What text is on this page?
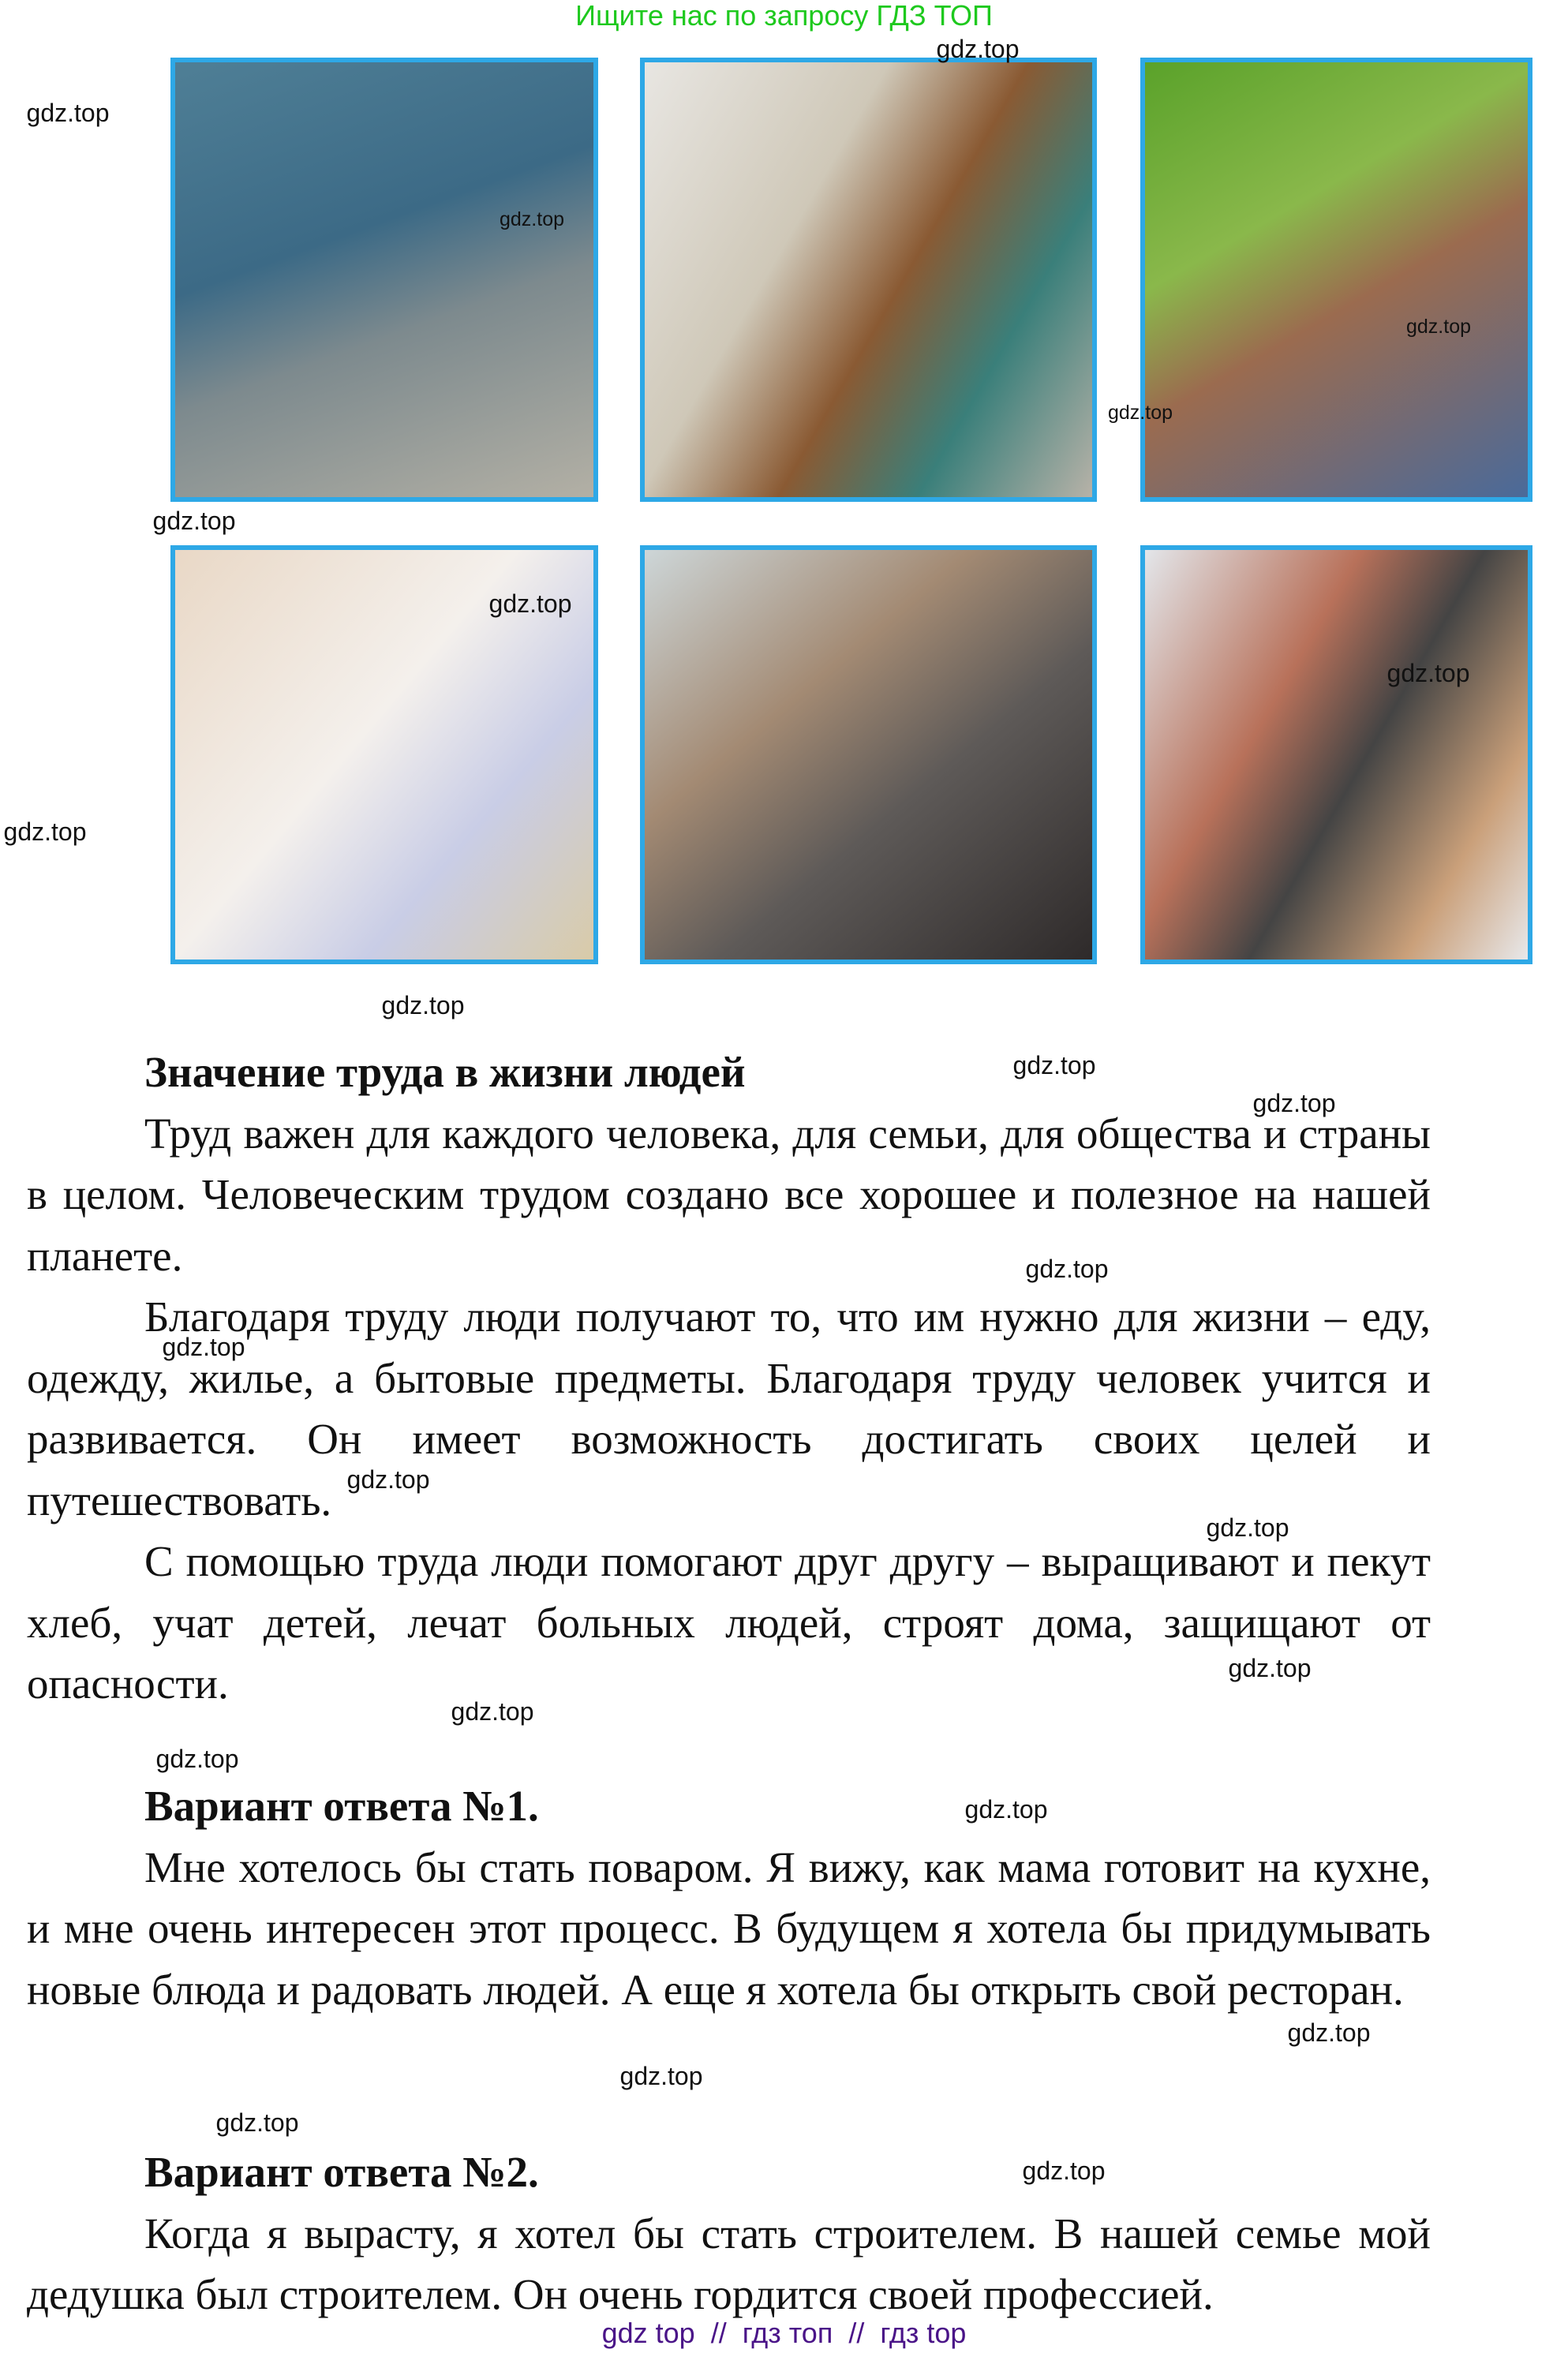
Ищите нас по запросу ГДЗ ТОП
Значение труда в жизни людей

Труд важен для каждого человека, для семьи, для общества и страны в целом. Человеческим трудом создано все хорошее и полезное на нашей планете.

Благодаря труду люди получают то, что им нужно для жизни – еду, одежду, жилье, а бытовые предметы. Благодаря труду человек учится и развивается. Он имеет возможность достигать своих целей и путешествовать.

С помощью труда люди помогают друг другу – выращивают и пекут хлеб, учат детей, лечат больных людей, строят дома, защищают от опасности.

Вариант ответа №1.

Мне хотелось бы стать поваром. Я вижу, как мама готовит на кухне, и мне очень интересен этот процесс. В будущем я хотела бы придумывать новые блюда и радовать людей. А еще я хотела бы открыть свой ресторан.

Вариант ответа №2.

Когда я вырасту, я хотел бы стать строителем. В нашей семье мой дедушка был строителем. Он очень гордится своей профессией.

gdz.top
gdz.top
gdz.top
gdz.top
gdz.top
gdz.top
gdz.top
gdz.top
gdz.top
gdz.top
gdz.top
gdz.top
gdz.top
gdz.top
gdz.top
gdz.top
gdz.top
gdz.top
gdz.top
gdz.top
gdz.top
gdz.top
gdz.top
gdz.top
gdz top  //  гдз топ  //  гдз top
